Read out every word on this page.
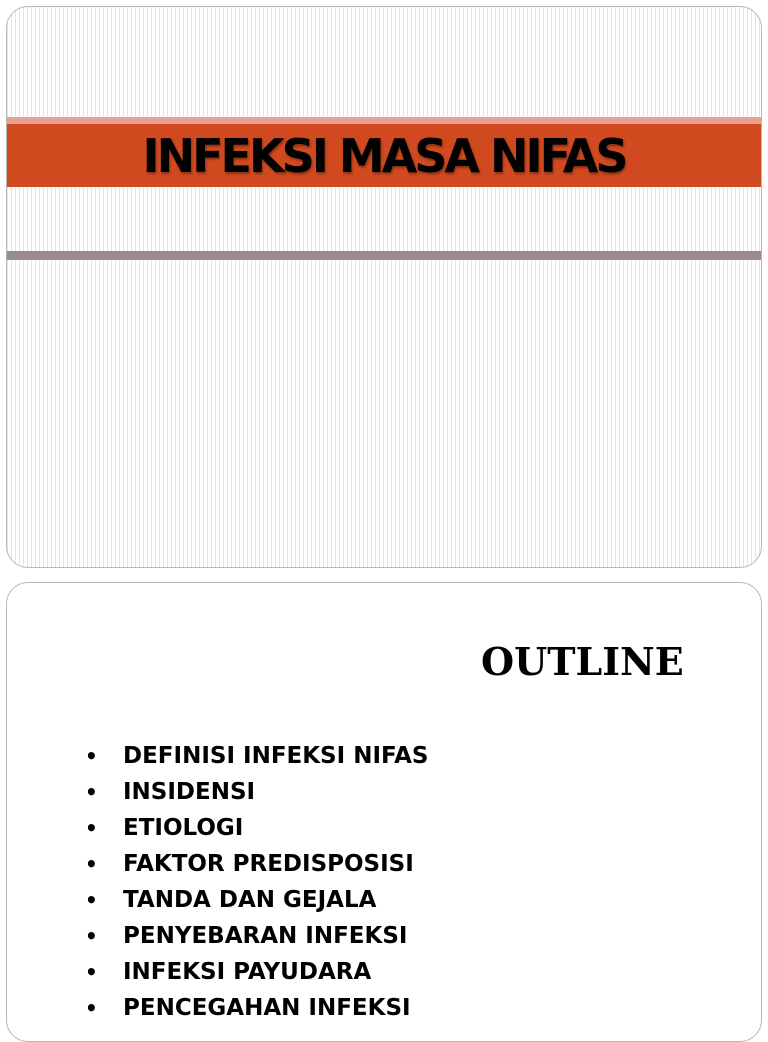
INFEKSI MASA NIFAS
OUTLINE
•	DEFINISI INFEKSI NIFAS
•	INSIDENSI
•	ETIOLOGI
•	FAKTOR PREDISPOSISI
•	TANDA DAN GEJALA
•	PENYEBARAN INFEKSI
•	INFEKSI PAYUDARA
•	PENCEGAHAN INFEKSI
